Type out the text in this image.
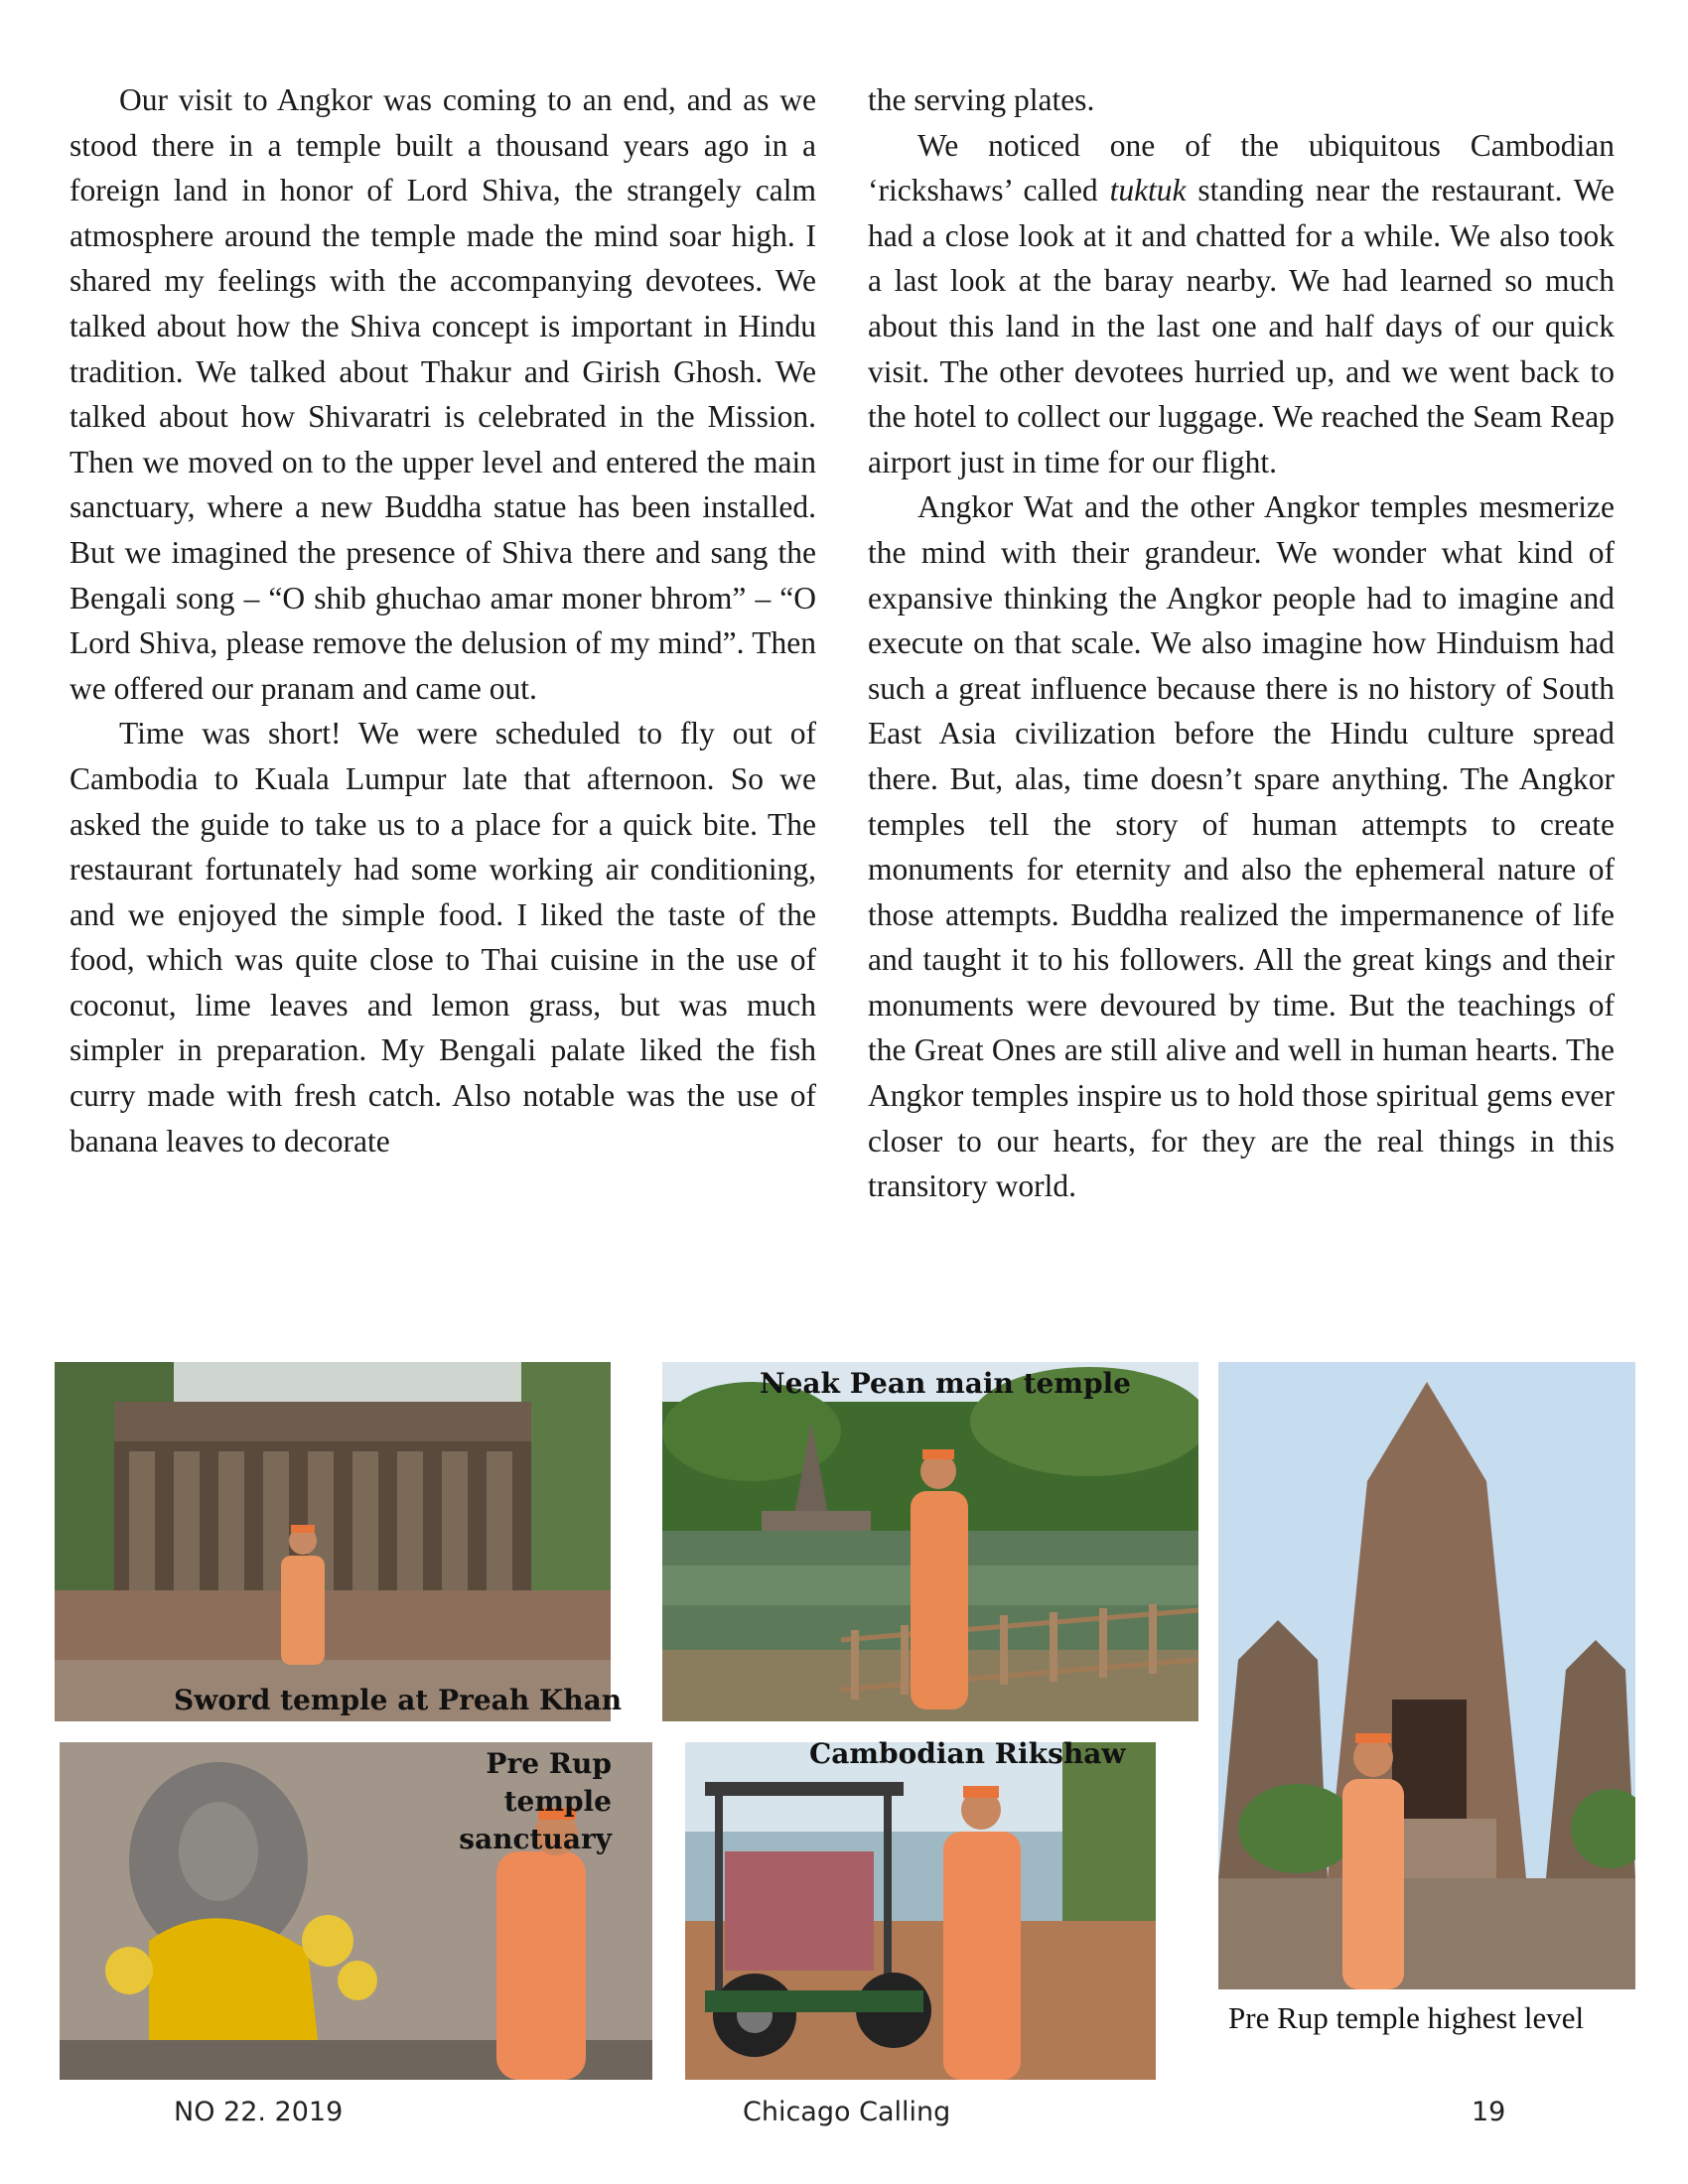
Our visit to Angkor was coming to an end, and as we stood there in a temple built a thousand years ago in a foreign land in honor of Lord Shiva, the strangely calm atmosphere around the temple made the mind soar high. I shared my feelings with the accompanying devotees. We talked about how the Shiva concept is important in Hindu tradition. We talked about Thakur and Girish Ghosh. We talked about how Shivaratri is celebrated in the Mission. Then we moved on to the upper level and entered the main sanctuary, where a new Buddha statue has been installed. But we imagined the presence of Shiva there and sang the Bengali song – “O shib ghuchao amar moner bhrom” – “O Lord Shiva, please remove the delusion of my mind”. Then we offered our pranam and came out.

Time was short! We were scheduled to fly out of Cambodia to Kuala Lumpur late that afternoon. So we asked the guide to take us to a place for a quick bite. The restaurant fortunately had some working air conditioning, and we enjoyed the simple food. I liked the taste of the food, which was quite close to Thai cuisine in the use of coconut, lime leaves and lemon grass, but was much simpler in preparation. My Bengali palate liked the fish curry made with fresh catch. Also notable was the use of banana leaves to decorate

the serving plates.

We noticed one of the ubiquitous Cambodian ‘rickshaws’ called tuktuk standing near the restaurant. We had a close look at it and chatted for a while. We also took a last look at the baray nearby. We had learned so much about this land in the last one and half days of our quick visit. The other devotees hurried up, and we went back to the hotel to collect our luggage. We reached the Seam Reap airport just in time for our flight.

Angkor Wat and the other Angkor temples mesmerize the mind with their grandeur. We wonder what kind of expansive thinking the Angkor people had to imagine and execute on that scale. We also imagine how Hinduism had such a great influence because there is no history of South East Asia civilization before the Hindu culture spread there. But, alas, time doesn’t spare anything. The Angkor temples tell the story of human attempts to create monuments for eternity and also the ephemeral nature of those attempts. Buddha realized the impermanence of life and taught it to his followers. All the great kings and their monuments were devoured by time. But the teachings of the Great Ones are still alive and well in human hearts. The Angkor temples inspire us to hold those spiritual gems ever closer to our hearts, for they are the real things in this transitory world.

Sword temple at Preah Khan
Neak Pean main temple
Pre Rup temple highest level
Pre Rup temple
sanctuary
Cambodian Rikshaw
NO 22. 2019	Chicago Calling	19
